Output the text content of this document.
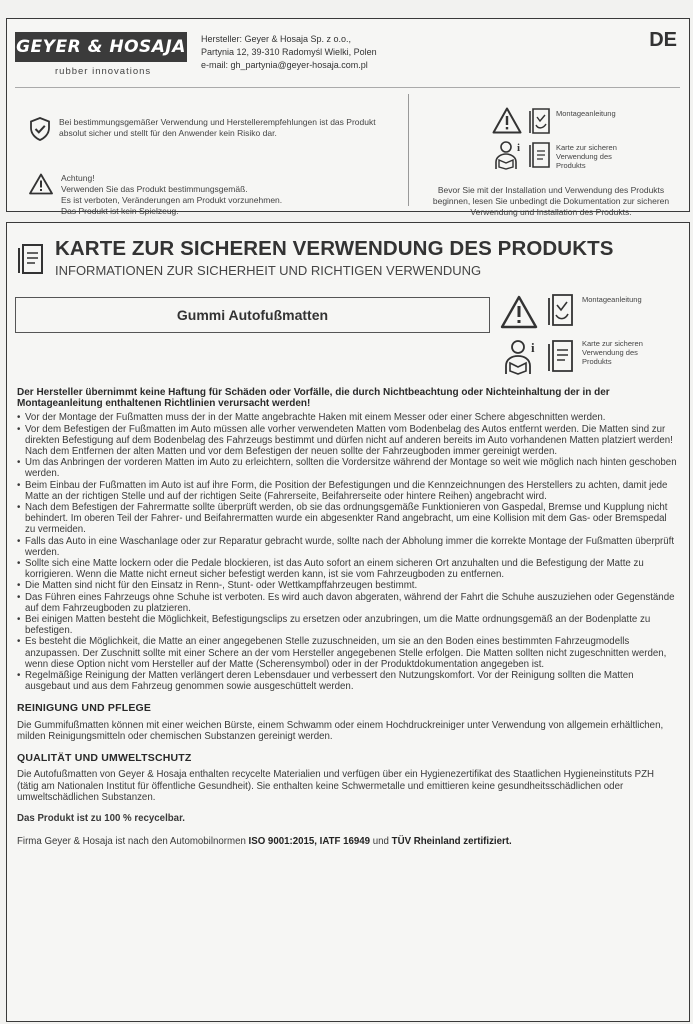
GEYER & HOSAJA
rubber innovations
Hersteller: Geyer & Hosaja Sp. z o.o.,
Partynia 12, 39-310 Radomyśl Wielki, Polen
e-mail: gh_partynia@geyer-hosaja.com.pl
DE
Bei bestimmungsgemäßer Verwendung und Herstellerempfehlungen ist das Produkt absolut sicher und stellt für den Anwender kein Risiko dar.
Achtung!
Verwenden Sie das Produkt bestimmungsgemäß.
Es ist verboten, Veränderungen am Produkt vorzunehmen.
Das Produkt ist kein Spielzeug.
Montageanleitung
i	Karte zur sicheren Verwendung des Produkts
Bevor Sie mit der Installation und Verwendung des Produkts beginnen, lesen Sie unbedingt die Dokumentation zur sicheren Verwendung und Installation des Produkts.
KARTE ZUR SICHEREN VERWENDUNG DES PRODUKTS
INFORMATIONEN ZUR SICHERHEIT UND RICHTIGEN VERWENDUNG
Gummi Autofußmatten
Montageanleitung
i	Karte zur sicheren Verwendung des Produkts
Der Hersteller übernimmt keine Haftung für Schäden oder Vorfälle, die durch Nichtbeachtung oder Nichteinhaltung der in der Montageanleitung enthaltenen Richtlinien verursacht werden!
• Vor der Montage der Fußmatten muss der in der Matte angebrachte Haken mit einem Messer oder einer Schere abgeschnitten werden.
• Vor dem Befestigen der Fußmatten im Auto müssen alle vorher verwendeten Matten vom Bodenbelag des Autos entfernt werden. Die Matten sind zur direkten Befestigung auf dem Bodenbelag des Fahrzeugs bestimmt und dürfen nicht auf anderen bereits im Auto vorhandenen Matten platziert werden! Nach dem Entfernen der alten Matten und vor dem Befestigen der neuen sollte der Fahrzeugboden immer gereinigt werden.
• Um das Anbringen der vorderen Matten im Auto zu erleichtern, sollten die Vordersitze während der Montage so weit wie möglich nach hinten geschoben werden.
• Beim Einbau der Fußmatten im Auto ist auf ihre Form, die Position der Befestigungen und die Kennzeichnungen des Herstellers zu achten, damit jede Matte an der richtigen Stelle und auf der richtigen Seite (Fahrerseite, Beifahrerseite oder hintere Reihen) angebracht wird.
• Nach dem Befestigen der Fahrermatte sollte überprüft werden, ob sie das ordnungsgemäße Funktionieren von Gaspedal, Bremse und Kupplung nicht behindert. Im oberen Teil der Fahrer- und Beifahrermatten wurde ein abgesenkter Rand angebracht, um eine Kollision mit dem Gas- oder Bremspedal zu vermeiden.
• Falls das Auto in eine Waschanlage oder zur Reparatur gebracht wurde, sollte nach der Abholung immer die korrekte Montage der Fußmatten überprüft werden.
• Sollte sich eine Matte lockern oder die Pedale blockieren, ist das Auto sofort an einem sicheren Ort anzuhalten und die Befestigung der Matte zu korrigieren. Wenn die Matte nicht erneut sicher befestigt werden kann, ist sie vom Fahrzeugboden zu entfernen.
• Die Matten sind nicht für den Einsatz in Renn-, Stunt- oder Wettkampffahrzeugen bestimmt.
• Das Führen eines Fahrzeugs ohne Schuhe ist verboten. Es wird auch davon abgeraten, während der Fahrt die Schuhe auszuziehen oder Gegenstände auf dem Fahrzeugboden zu platzieren.
• Bei einigen Matten besteht die Möglichkeit, Befestigungsclips zu ersetzen oder anzubringen, um die Matte ordnungsgemäß an der Bodenplatte zu befestigen.
• Es besteht die Möglichkeit, die Matte an einer angegebenen Stelle zuzuschneiden, um sie an den Boden eines bestimmten Fahrzeugmodells anzupassen. Der Zuschnitt sollte mit einer Schere an der vom Hersteller angegebenen Stelle erfolgen. Die Matten sollten nicht zugeschnitten werden, wenn diese Option nicht vom Hersteller auf der Matte (Scherensymbol) oder in der Produktdokumentation angegeben ist.
• Regelmäßige Reinigung der Matten verlängert deren Lebensdauer und verbessert den Nutzungskomfort. Vor der Reinigung sollten die Matten ausgebaut und aus dem Fahrzeug genommen sowie ausgeschüttelt werden.
REINIGUNG UND PFLEGE
Die Gummifußmatten können mit einer weichen Bürste, einem Schwamm oder einem Hochdruckreiniger unter Verwendung von allgemein erhältlichen, milden Reinigungsmitteln oder chemischen Substanzen gereinigt werden.
QUALITÄT UND UMWELTSCHUTZ
Die Autofußmatten von Geyer & Hosaja enthalten recycelte Materialien und verfügen über ein Hygienezertifikat des Staatlichen Hygieneinstituts PZH (tätig am Nationalen Institut für öffentliche Gesundheit). Sie enthalten keine Schwermetalle und emittieren keine gesundheitsschädlichen oder umweltschädlichen Substanzen.
Das Produkt ist zu 100 % recycelbar.
Firma Geyer & Hosaja ist nach den Automobilnormen ISO 9001:2015, IATF 16949 und TÜV Rheinland zertifiziert.
